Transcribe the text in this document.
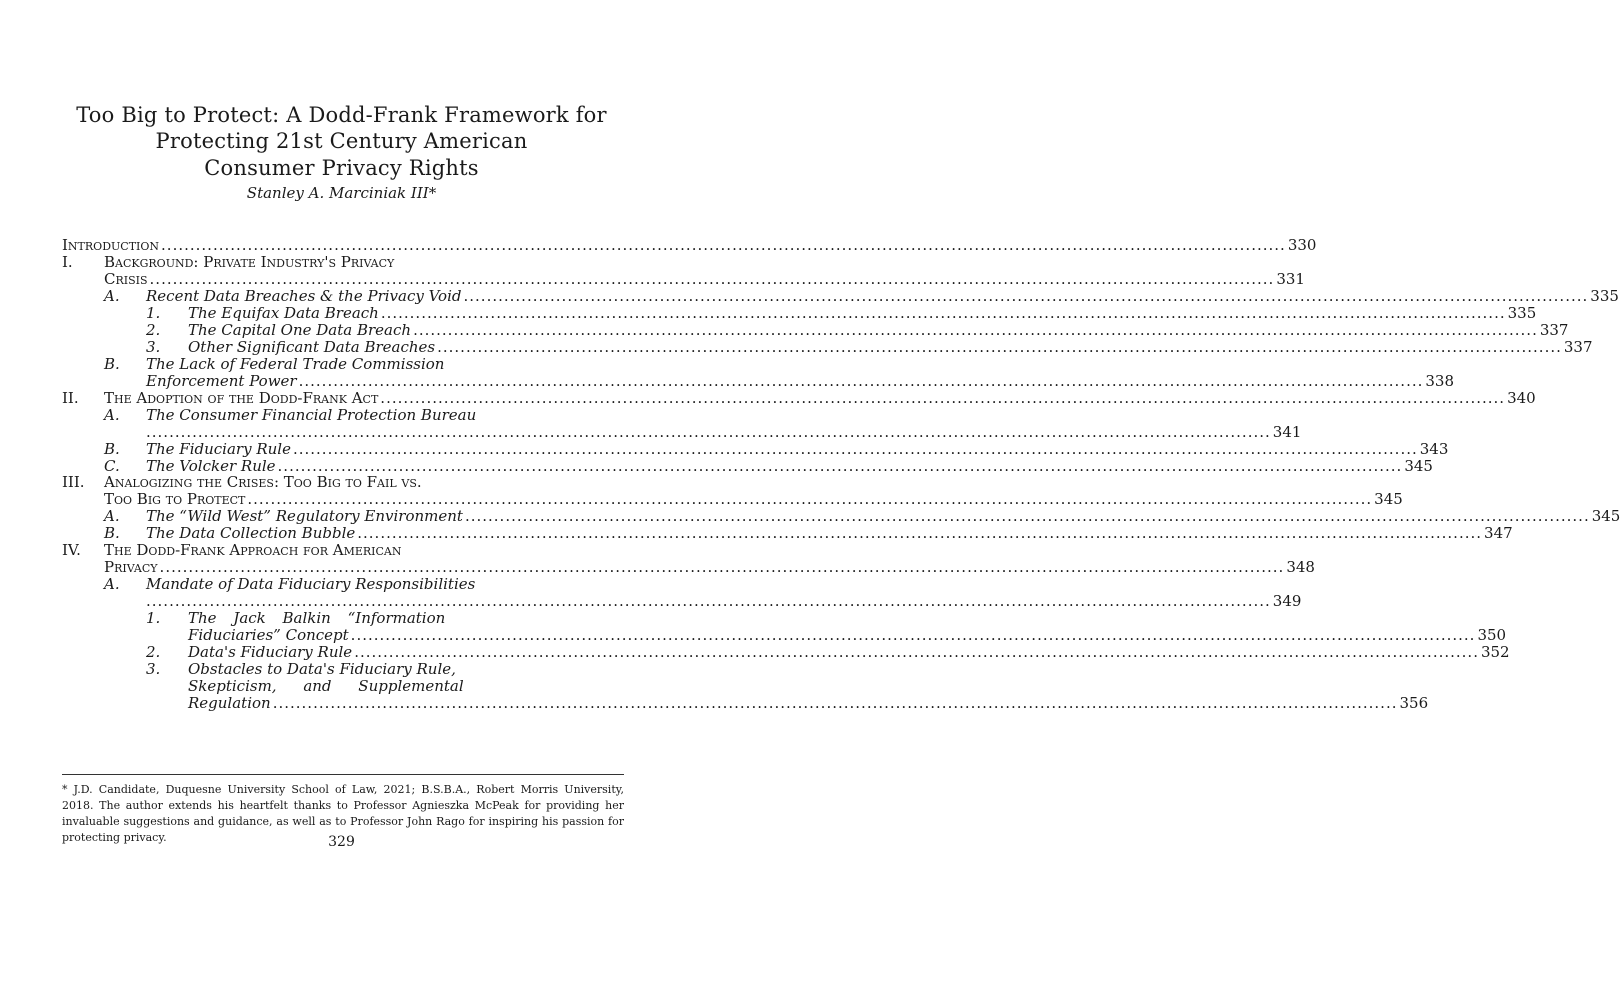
Too Big to Protect: A Dodd-Frank Framework for
Protecting 21st Century American
Consumer Privacy Rights
Stanley A. Marciniak III*
Introduction ................................................................................................................................................................................................... 330
I. Background: Private Industry's Privacy
Crisis ................................................................................................................................................................................................... 331
A. Recent Data Breaches & the Privacy Void ................................................................................................................................................................................................... 335
1. The Equifax Data Breach ................................................................................................................................................................................................... 335
2. The Capital One Data Breach ................................................................................................................................................................................................... 337
3. Other Significant Data Breaches ................................................................................................................................................................................................... 337
B. The Lack of Federal Trade Commission
Enforcement Power ................................................................................................................................................................................................... 338
II. The Adoption of the Dodd-Frank Act ................................................................................................................................................................................................... 340
A. The Consumer Financial Protection Bureau
................................................................................................................................................................................................... 341
B. The Fiduciary Rule ................................................................................................................................................................................................... 343
C. The Volcker Rule ................................................................................................................................................................................................... 345
III. Analogizing the Crises: Too Big to Fail vs.
Too Big to Protect ................................................................................................................................................................................................... 345
A. The “Wild West” Regulatory Environment ................................................................................................................................................................................................... 345
B. The Data Collection Bubble ................................................................................................................................................................................................... 347
IV. The Dodd-Frank Approach for American
Privacy ................................................................................................................................................................................................... 348
A. Mandate of Data Fiduciary Responsibilities
................................................................................................................................................................................................... 349
1. The Jack Balkin “Information
Fiduciaries” Concept ................................................................................................................................................................................................... 350
2. Data's Fiduciary Rule ................................................................................................................................................................................................... 352
3. Obstacles to Data's Fiduciary Rule,
Skepticism, and Supplemental
Regulation ................................................................................................................................................................................................... 356
* J.D. Candidate, Duquesne University School of Law, 2021; B.S.B.A., Robert Morris University, 2018. The author extends his heartfelt thanks to Professor Agnieszka McPeak for providing her invaluable suggestions and guidance, as well as to Professor John Rago for inspiring his passion for protecting privacy.	329
